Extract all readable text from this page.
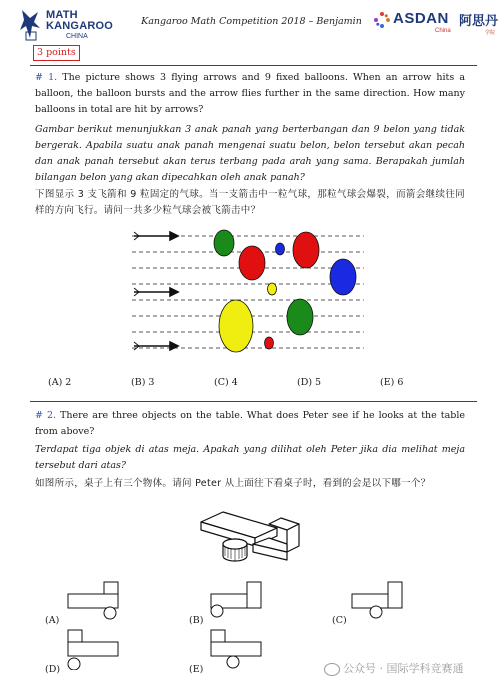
MATH
KANGAROO
CHINA
Kangaroo Math Competition 2018 – Benjamin	ASDAN
China
阿思丹
学院
3 points
# 1. The picture shows 3 flying arrows and 9 fixed balloons. When an arrow hits a balloon, the balloon bursts and the arrow flies further in the same direction. How many balloons in total are hit by arrows?
Gambar berikut menunjukkan 3 anak panah yang berterbangan dan 9 belon yang tidak bergerak. Apabila suatu anak panah mengenai suatu belon, belon tersebut akan pecah dan anak panah tersebut akan terus terbang pada arah yang sama. Berapakah jumlah bilangan belon yang akan dipecahkan oleh anak panah?
下图显示 3 支飞箭和 9 粒固定的气球。当一支箭击中一粒气球，那粒气球会爆裂，而箭会继续往同样的方向飞行。请问一共多少粒气球会被飞箭击中？
(A) 2	(B) 3	(C) 4	(D) 5	(E) 6
# 2. There are three objects on the table. What does Peter see if he looks at the table from above?
Terdapat tiga objek di atas meja. Apakah yang dilihat oleh Peter jika dia melihat meja tersebut dari atas?
如图所示，桌子上有三个物体。请问 Peter 从上面往下看桌子时，看到的会是以下哪一个？
(A)	(B)	(C)
(D)	(E)	公众号 · 国际学科竞赛通
